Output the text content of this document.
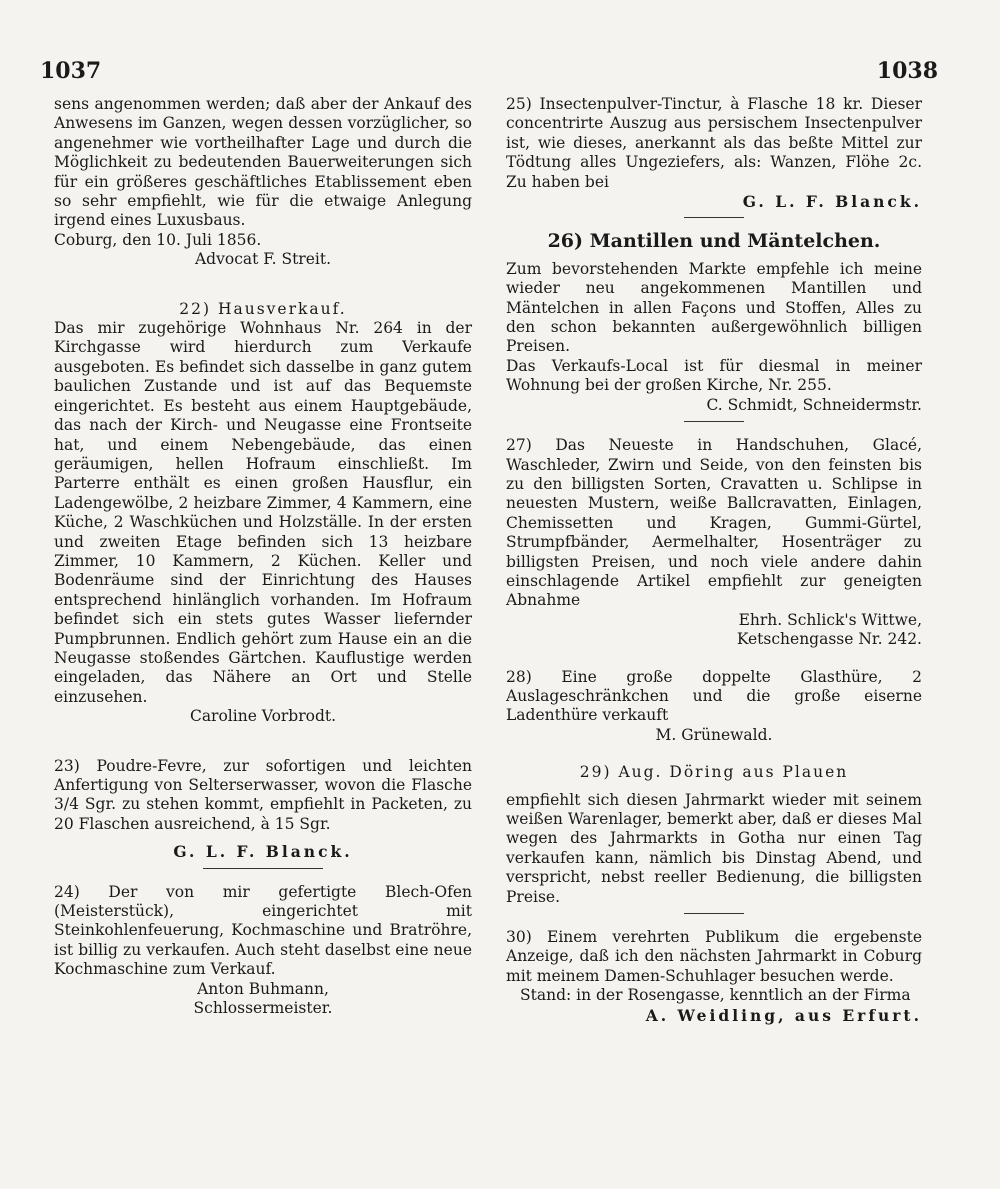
1037	1038

sens angenommen werden; daß aber der Ankauf des Anwesens im Ganzen, wegen dessen vorzüglicher, so angenehmer wie vortheilhafter Lage und durch die Möglichkeit zu bedeutenden Bauerweiterungen sich für ein größeres geschäftliches Etablissement eben so sehr empfiehlt, wie für die etwaige Anlegung irgend eines Luxusbaus.

Coburg, den 10. Juli 1856.

Advocat F. Streit.

22) Hausverkauf.

Das mir zugehörige Wohnhaus Nr. 264 in der Kirchgasse wird hierdurch zum Verkaufe ausgeboten. Es befindet sich dasselbe in ganz gutem baulichen Zustande und ist auf das Bequemste eingerichtet. Es besteht aus einem Hauptgebäude, das nach der Kirch- und Neugasse eine Frontseite hat, und einem Nebengebäude, das einen geräumigen, hellen Hofraum einschließt. Im Parterre enthält es einen großen Hausflur, ein Ladengewölbe, 2 heizbare Zimmer, 4 Kammern, eine Küche, 2 Waschküchen und Holzställe. In der ersten und zweiten Etage befinden sich 13 heizbare Zimmer, 10 Kammern, 2 Küchen. Keller und Bodenräume sind der Einrichtung des Hauses entsprechend hinlänglich vorhanden. Im Hofraum befindet sich ein stets gutes Wasser liefernder Pumpbrunnen. Endlich gehört zum Hause ein an die Neugasse stoßendes Gärtchen. Kauflustige werden eingeladen, das Nähere an Ort und Stelle einzusehen.

Caroline Vorbrodt.

23) Poudre-Fevre, zur sofortigen und leichten Anfertigung von Selterserwasser, wovon die Flasche 3/4 Sgr. zu stehen kommt, empfiehlt in Packeten, zu 20 Flaschen ausreichend, à 15 Sgr.

G. L. F. Blanck.

24) Der von mir gefertigte Blech-Ofen (Meisterstück), eingerichtet mit Steinkohlenfeuerung, Kochmaschine und Bratröhre, ist billig zu verkaufen. Auch steht daselbst eine neue Kochmaschine zum Verkauf.

Anton Buhmann,

Schlossermeister.

25) Insectenpulver-Tinctur, à Flasche 18 kr. Dieser concentrirte Auszug aus persischem Insectenpulver ist, wie dieses, anerkannt als das beßte Mittel zur Tödtung alles Ungeziefers, als: Wanzen, Flöhe 2c. Zu haben bei

G. L. F. Blanck.

26) Mantillen und Mäntelchen.

Zum bevorstehenden Markte empfehle ich meine wieder neu angekommenen Mantillen und Mäntelchen in allen Façons und Stoffen, Alles zu den schon bekannten außergewöhnlich billigen Preisen.

Das Verkaufs-Local ist für diesmal in meiner Wohnung bei der großen Kirche, Nr. 255.

C. Schmidt, Schneidermstr.

27) Das Neueste in Handschuhen, Glacé, Waschleder, Zwirn und Seide, von den feinsten bis zu den billigsten Sorten, Cravatten u. Schlipse in neuesten Mustern, weiße Ballcravatten, Einlagen, Chemissetten und Kragen, Gummi-Gürtel, Strumpfbänder, Aermelhalter, Hosenträger zu billigsten Preisen, und noch viele andere dahin einschlagende Artikel empfiehlt zur geneigten Abnahme

Ehrh. Schlick's Wittwe,

Ketschengasse Nr. 242.

28) Eine große doppelte Glasthüre, 2 Auslageschränkchen und die große eiserne Ladenthüre verkauft

M. Grünewald.

29) Aug. Döring aus Plauen

empfiehlt sich diesen Jahrmarkt wieder mit seinem weißen Warenlager, bemerkt aber, daß er dieses Mal wegen des Jahrmarkts in Gotha nur einen Tag verkaufen kann, nämlich bis Dinstag Abend, und verspricht, nebst reeller Bedienung, die billigsten Preise.

30) Einem verehrten Publikum die ergebenste Anzeige, daß ich den nächsten Jahrmarkt in Coburg mit meinem Damen-Schuhlager besuchen werde.

Stand: in der Rosengasse, kenntlich an der Firma

A. Weidling, aus Erfurt.
